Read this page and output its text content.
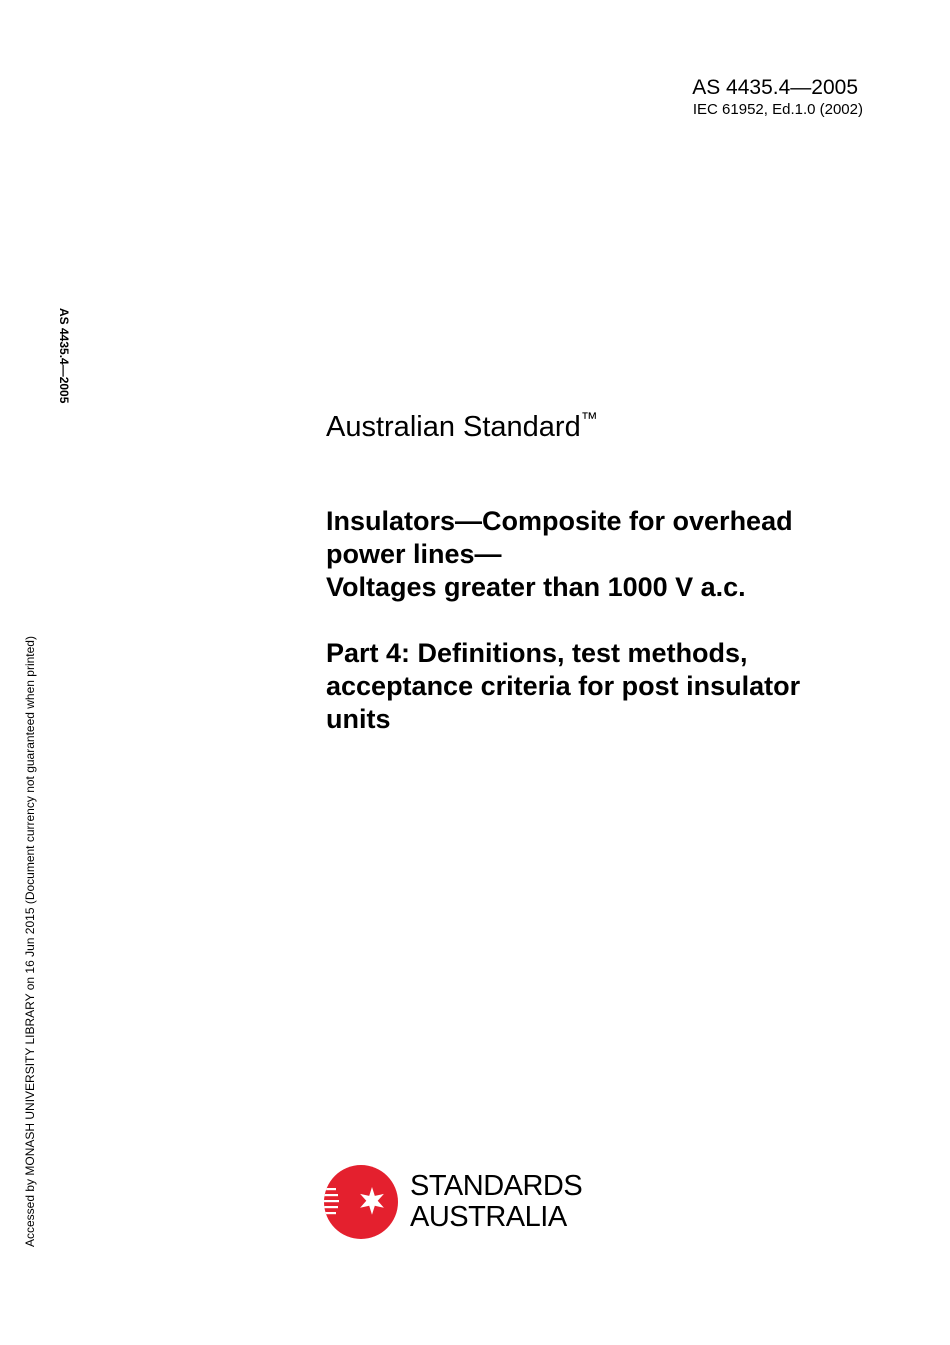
AS 4435.4—2005
IEC 61952, Ed.1.0 (2002)
AS 4435.4—2005
Accessed by MONASH UNIVERSITY LIBRARY on 16 Jun 2015 (Document currency not guaranteed when printed)
Australian Standard™
Insulators—Composite for overhead
power lines—
Voltages greater than 1000 V a.c.
Part 4: Definitions, test methods,
acceptance criteria for post insulator
units
STANDARDS
AUSTRALIA
